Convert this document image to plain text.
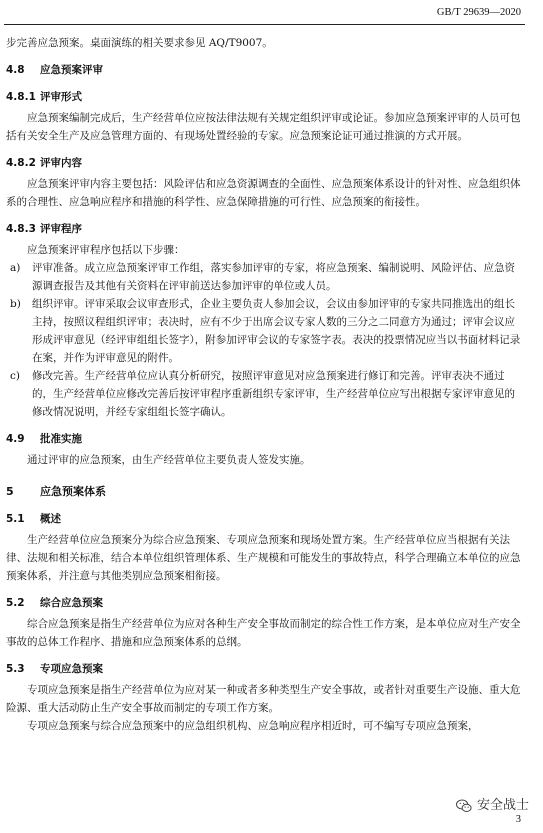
GB/T 29639—2020

步完善应急预案。桌面演练的相关要求参见 AQ/T9007。

4.8	应急预案评审
4.8.1 评审形式

应急预案编制完成后，生产经营单位应按法律法规有关规定组织评审或论证。参加应急预案评审的人员可包括有关安全生产及应急管理方面的、有现场处置经验的专家。应急预案论证可通过推演的方式开展。

4.8.2 评审内容

应急预案评审内容主要包括：风险评估和应急资源调查的全面性、应急预案体系设计的针对性、应急组织体系的合理性、应急响应程序和措施的科学性、应急保障措施的可行性、应急预案的衔接性。

4.8.3 评审程序

应急预案评审程序包括以下步骤：

a)	评审准备。成立应急预案评审工作组，落实参加评审的专家，将应急预案、编制说明、风险评估、应急资源调查报告及其他有关资料在评审前送达参加评审的单位或人员。
b)	组织评审。评审采取会议审查形式，企业主要负责人参加会议，会议由参加评审的专家共同推选出的组长主持，按照议程组织评审；表决时，应有不少于出席会议专家人数的三分之二同意方为通过；评审会议应形成评审意见（经评审组组长签字），附参加评审会议的专家签字表。表决的投票情况应当以书面材料记录在案，并作为评审意见的附件。
c)	修改完善。生产经营单位应认真分析研究，按照评审意见对应急预案进行修订和完善。评审表决不通过的，生产经营单位应修改完善后按评审程序重新组织专家评审，生产经营单位应写出根据专家评审意见的修改情况说明，并经专家组组长签字确认。
4.9	批准实施

通过评审的应急预案，由生产经营单位主要负责人签发实施。

5	应急预案体系
5.1	概述

生产经营单位应急预案分为综合应急预案、专项应急预案和现场处置方案。生产经营单位应当根据有关法律、法规和相关标准，结合本单位组织管理体系、生产规模和可能发生的事故特点，科学合理确立本单位的应急预案体系，并注意与其他类别应急预案相衔接。

5.2	综合应急预案

综合应急预案是指生产经营单位为应对各种生产安全事故而制定的综合性工作方案，是本单位应对生产安全事故的总体工作程序、措施和应急预案体系的总纲。

5.3	专项应急预案

专项应急预案是指生产经营单位为应对某一种或者多种类型生产安全事故，或者针对重要生产设施、重大危险源、重大活动防止生产安全事故而制定的专项工作方案。

专项应急预案与综合应急预案中的应急组织机构、应急响应程序相近时，可不编写专项应急预案，

安全战士
3
